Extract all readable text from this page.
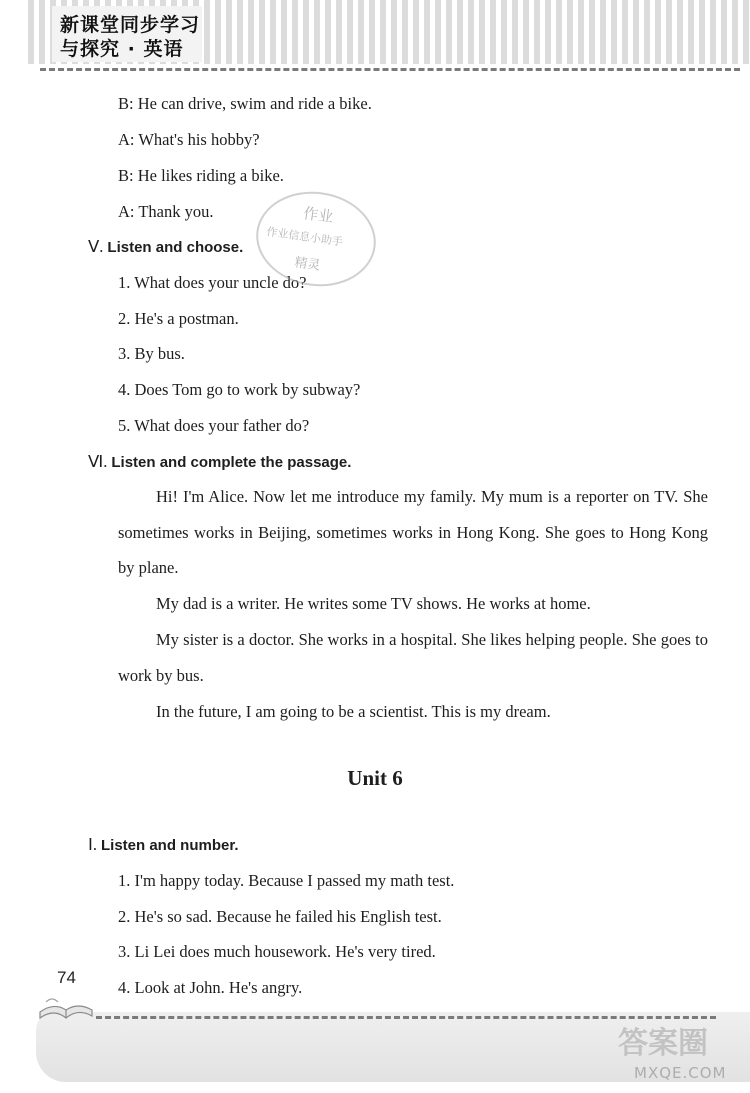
新课堂同步学习
与探究 · 英语
B: He can drive, swim and ride a bike.
A: What's his hobby?
B: He likes riding a bike.
A: Thank you.
Ⅴ. Listen and choose.
1. What does your uncle do?
2. He's a postman.
3. By bus.
4. Does Tom go to work by subway?
5. What does your father do?
Ⅵ. Listen and complete the passage.
Hi! I'm Alice. Now let me introduce my family. My mum is a reporter on TV. She sometimes works in Beijing, sometimes works in Hong Kong. She goes to Hong Kong by plane.
My dad is a writer. He writes some TV shows. He works at home.
My sister is a doctor. She works in a hospital. She likes helping people. She goes to work by bus.
In the future, I am going to be a scientist. This is my dream.
Unit 6
Ⅰ. Listen and number.
1. I'm happy today. Because I passed my math test.
2. He's so sad. Because he failed his English test.
3. Li Lei does much housework. He's very tired.
4. Look at John. He's angry.
作业
作业信息小助手
精灵
74
答案圈
MXQE.COM
